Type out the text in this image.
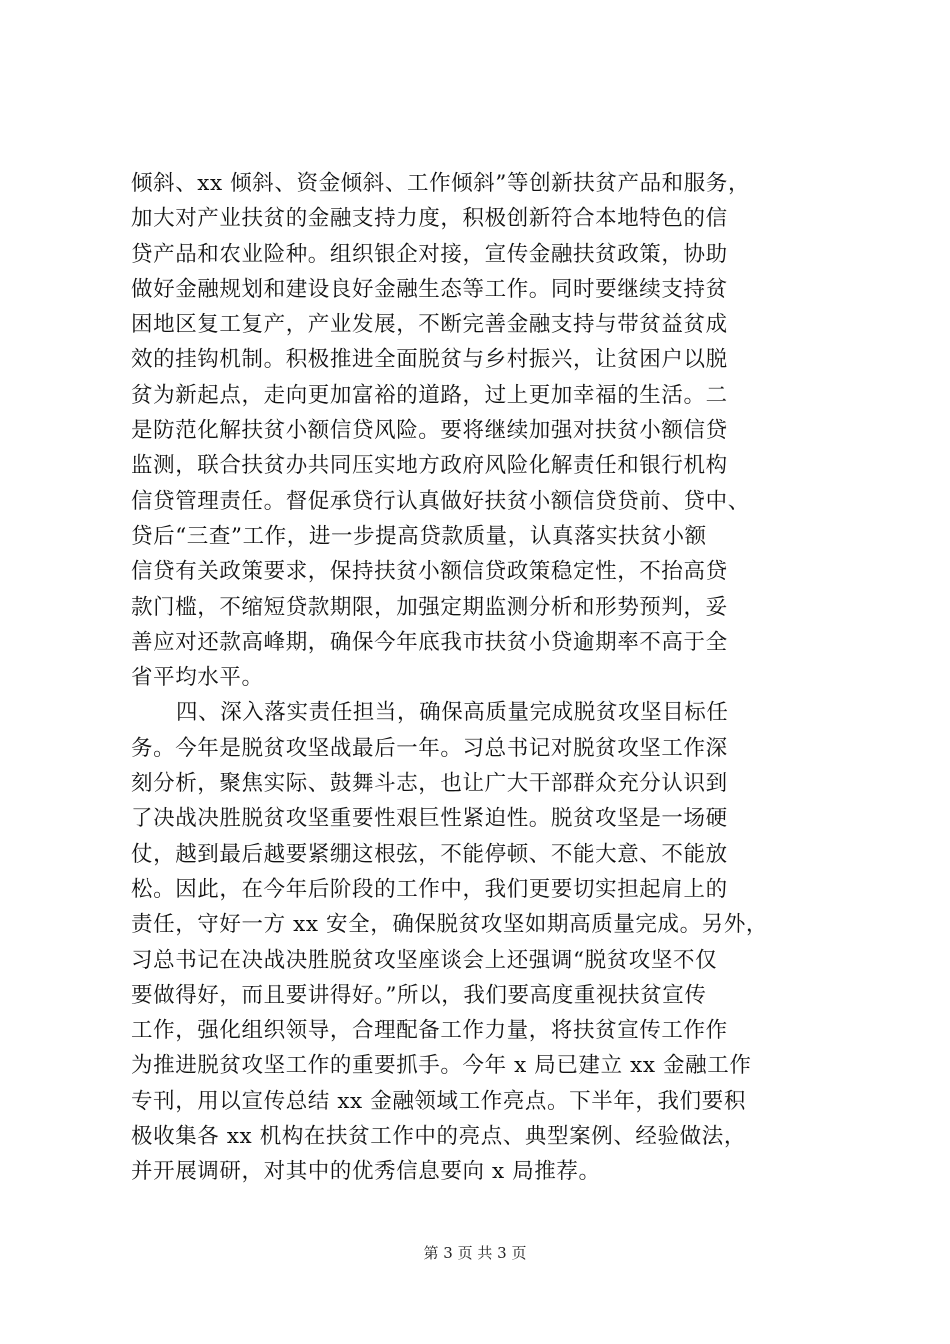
倾斜、xx 倾斜、资金倾斜、工作倾斜”等创新扶贫产品和服务，
加大对产业扶贫的金融支持力度，积极创新符合本地特色的信
贷产品和农业险种。组织银企对接，宣传金融扶贫政策，协助
做好金融规划和建设良好金融生态等工作。同时要继续支持贫
困地区复工复产，产业发展，不断完善金融支持与带贫益贫成
效的挂钩机制。积极推进全面脱贫与乡村振兴，让贫困户以脱
贫为新起点，走向更加富裕的道路，过上更加幸福的生活。二
是防范化解扶贫小额信贷风险。要将继续加强对扶贫小额信贷
监测，联合扶贫办共同压实地方政府风险化解责任和银行机构
信贷管理责任。督促承贷行认真做好扶贫小额信贷贷前、贷中、
贷后“三查”工作，进一步提高贷款质量，认真落实扶贫小额
信贷有关政策要求，保持扶贫小额信贷政策稳定性，不抬高贷
款门槛，不缩短贷款期限，加强定期监测分析和形势预判，妥
善应对还款高峰期，确保今年底我市扶贫小贷逾期率不高于全
省平均水平。
四、深入落实责任担当，确保高质量完成脱贫攻坚目标任
务。今年是脱贫攻坚战最后一年。习总书记对脱贫攻坚工作深
刻分析，聚焦实际、鼓舞斗志，也让广大干部群众充分认识到
了决战决胜脱贫攻坚重要性艰巨性紧迫性。脱贫攻坚是一场硬
仗，越到最后越要紧绷这根弦，不能停顿、不能大意、不能放
松。因此，在今年后阶段的工作中，我们更要切实担起肩上的
责任，守好一方 xx 安全，确保脱贫攻坚如期高质量完成。另外，
习总书记在决战决胜脱贫攻坚座谈会上还强调“脱贫攻坚不仅
要做得好，而且要讲得好。”所以，我们要高度重视扶贫宣传
工作，强化组织领导，合理配备工作力量，将扶贫宣传工作作
为推进脱贫攻坚工作的重要抓手。今年 x 局已建立 xx 金融工作
专刊，用以宣传总结 xx 金融领域工作亮点。下半年，我们要积
极收集各 xx 机构在扶贫工作中的亮点、典型案例、经验做法，
并开展调研，对其中的优秀信息要向 x 局推荐。
第 3 页 共 3 页
